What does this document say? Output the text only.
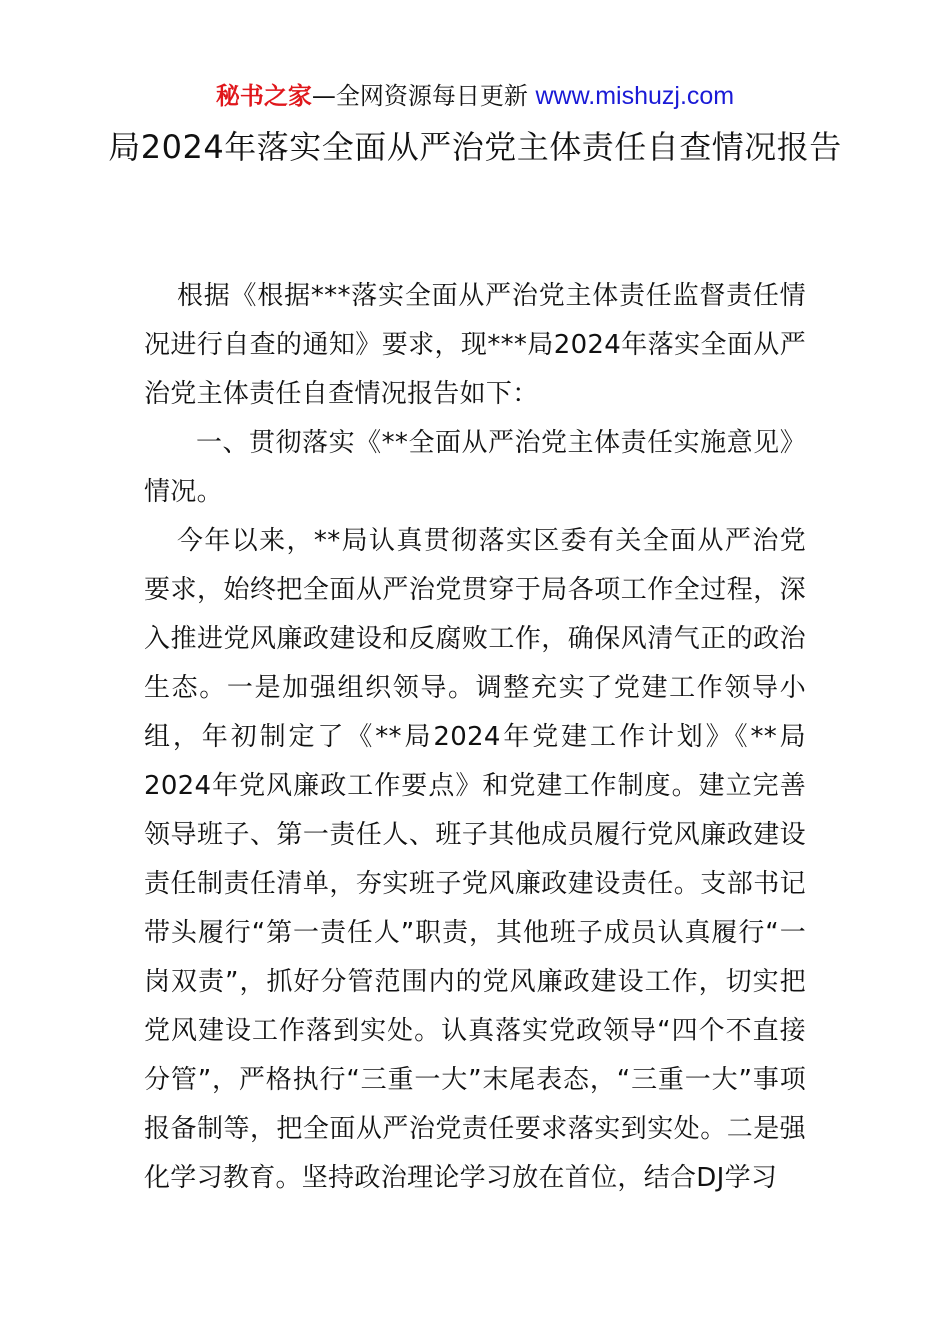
秘书之家—全网资源每日更新 www.mishuzj.com
局2024年落实全面从严治党主体责任自查情况报告

根据《根据***落实全面从严治党主体责任监督责任情况进行自查的通知》要求，现***局2024年落实全面从严治党主体责任自查情况报告如下：

一、贯彻落实《**全面从严治党主体责任实施意见》情况。

今年以来，**局认真贯彻落实区委有关全面从严治党要求，始终把全面从严治党贯穿于局各项工作全过程，深入推进党风廉政建设和反腐败工作，确保风清气正的政治生态。一是加强组织领导。调整充实了党建工作领导小组，年初制定了《**局2024年党建工作计划》《**局2024年党风廉政工作要点》和党建工作制度。建立完善领导班子、第一责任人、班子其他成员履行党风廉政建设责任制责任清单，夯实班子党风廉政建设责任。支部书记带头履行“第一责任人”职责，其他班子成员认真履行“一岗双责”，抓好分管范围内的党风廉政建设工作，切实把党风建设工作落到实处。认真落实党政领导“四个不直接分管”，严格执行“三重一大”末尾表态，“三重一大”事项报备制等，把全面从严治党责任要求落实到实处。二是强化学习教育。坚持政治理论学习放在首位，结合DJ学习
